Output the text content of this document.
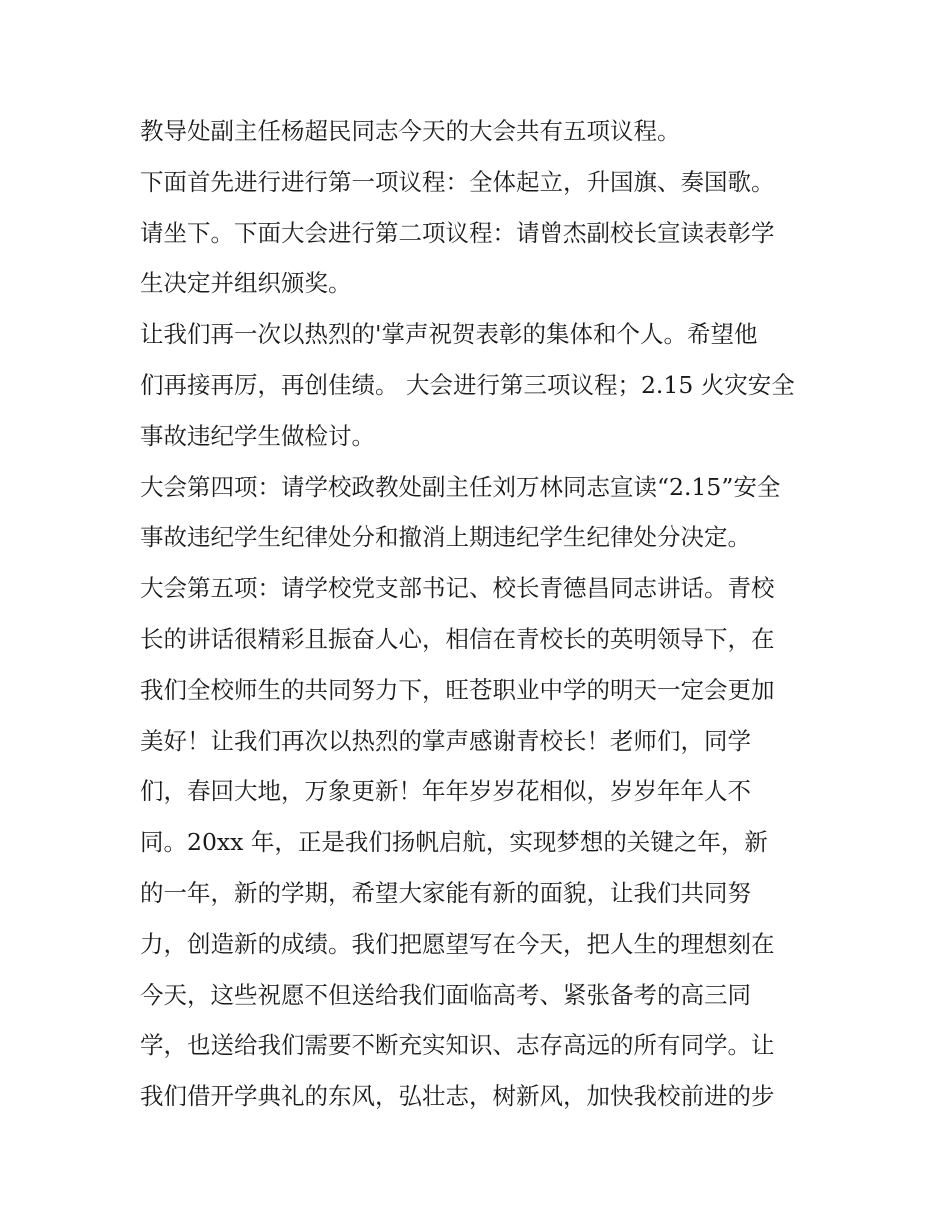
教导处副主任杨超民同志今天的大会共有五项议程。
下面首先进行进行第一项议程：全体起立，升国旗、奏国歌。
请坐下。下面大会进行第二项议程：请曾杰副校长宣读表彰学
生决定并组织颁奖。
让我们再一次以热烈的'掌声祝贺表彰的集体和个人。希望他
们再接再厉，再创佳绩。 大会进行第三项议程；2.15 火灾安全
事故违纪学生做检讨。
大会第四项：请学校政教处副主任刘万林同志宣读“2.15”安全
事故违纪学生纪律处分和撤消上期违纪学生纪律处分决定。
大会第五项：请学校党支部书记、校长青德昌同志讲话。青校
长的讲话很精彩且振奋人心，相信在青校长的英明领导下，在
我们全校师生的共同努力下，旺苍职业中学的明天一定会更加
美好！让我们再次以热烈的掌声感谢青校长！老师们，同学
们，春回大地，万象更新！年年岁岁花相似，岁岁年年人不
同。20xx 年，正是我们扬帆启航，实现梦想的关键之年，新
的一年，新的学期，希望大家能有新的面貌，让我们共同努
力，创造新的成绩。我们把愿望写在今天，把人生的理想刻在
今天，这些祝愿不但送给我们面临高考、紧张备考的高三同
学，也送给我们需要不断充实知识、志存高远的所有同学。让
我们借开学典礼的东风，弘壮志，树新风，加快我校前进的步
